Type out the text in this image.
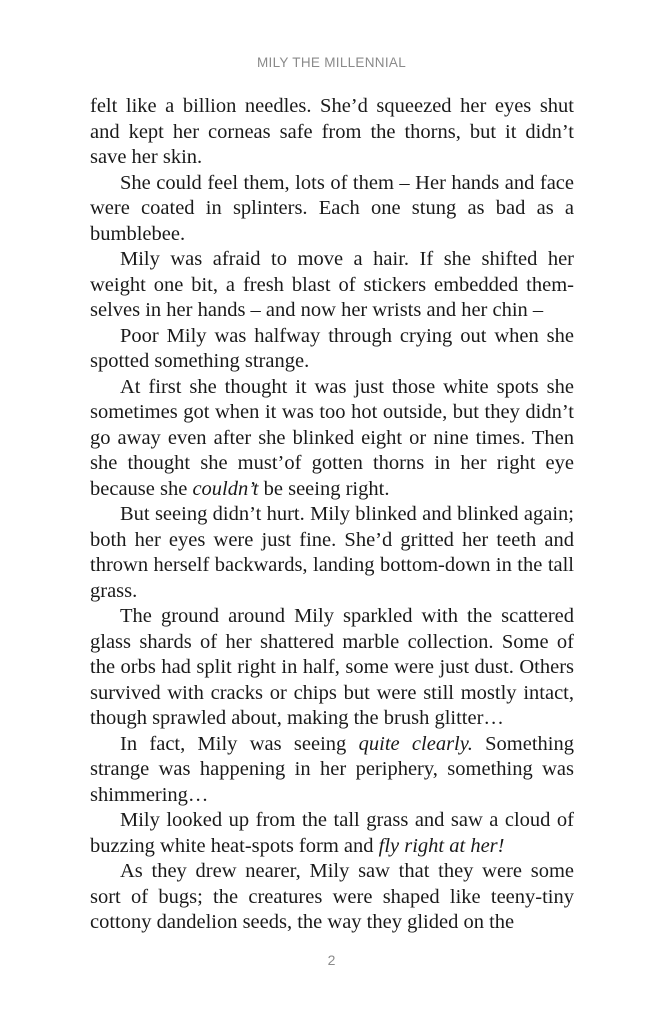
MILY THE MILLENNIAL

felt like a billion needles. She’d squeezed her eyes shut and kept her corneas safe from the thorns, but it didn’t save her skin.

She could feel them, lots of them – Her hands and face were coated in splinters. Each one stung as bad as a bumblebee.

Mily was afraid to move a hair. If she shifted her weight one bit, a fresh blast of stickers embedded themselves in her hands – and now her wrists and her chin –

Poor Mily was halfway through crying out when she spotted something strange.

At first she thought it was just those white spots she sometimes got when it was too hot outside, but they didn’t go away even after she blinked eight or nine times. Then she thought she must’of gotten thorns in her right eye because she couldn’t be seeing right.

But seeing didn’t hurt. Mily blinked and blinked again; both her eyes were just fine. She’d gritted her teeth and thrown herself backwards, landing bottom-down in the tall grass.

The ground around Mily sparkled with the scattered glass shards of her shattered marble collection. Some of the orbs had split right in half, some were just dust. Others survived with cracks or chips but were still mostly intact, though sprawled about, making the brush glitter…

In fact, Mily was seeing quite clearly. Something strange was happening in her periphery, something was shimmering…

Mily looked up from the tall grass and saw a cloud of buzzing white heat-spots form and fly right at her!

As they drew nearer, Mily saw that they were some sort of bugs; the creatures were shaped like teeny-tiny cottony dandelion seeds, the way they glided on the

2
